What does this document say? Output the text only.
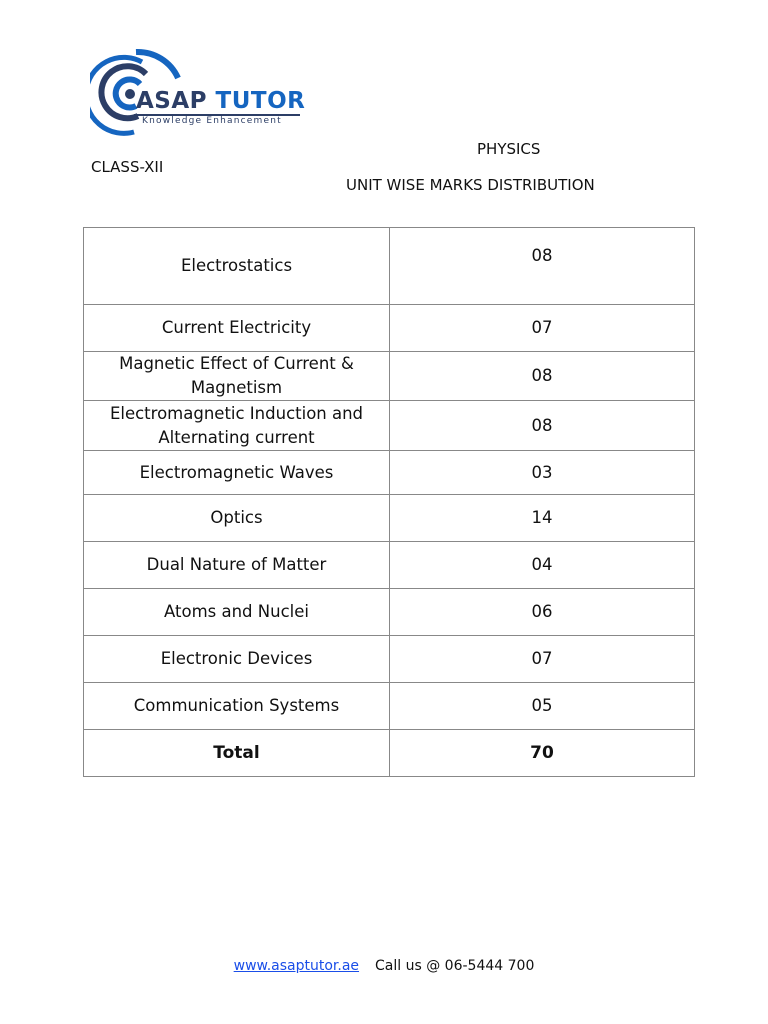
ASAP TUTOR
Knowledge Enhancement
PHYSICS
CLASS-XII
UNIT WISE MARKS DISTRIBUTION
Electrostatics	08
Current Electricity	07
Magnetic Effect of Current & Magnetism	08
Electromagnetic Induction and Alternating current	08
Electromagnetic Waves	03
Optics	14
Dual Nature of Matter	04
Atoms and Nuclei	06
Electronic Devices	07
Communication Systems	05
Total	70
www.asaptutor.ae Call us @ 06-5444 700
